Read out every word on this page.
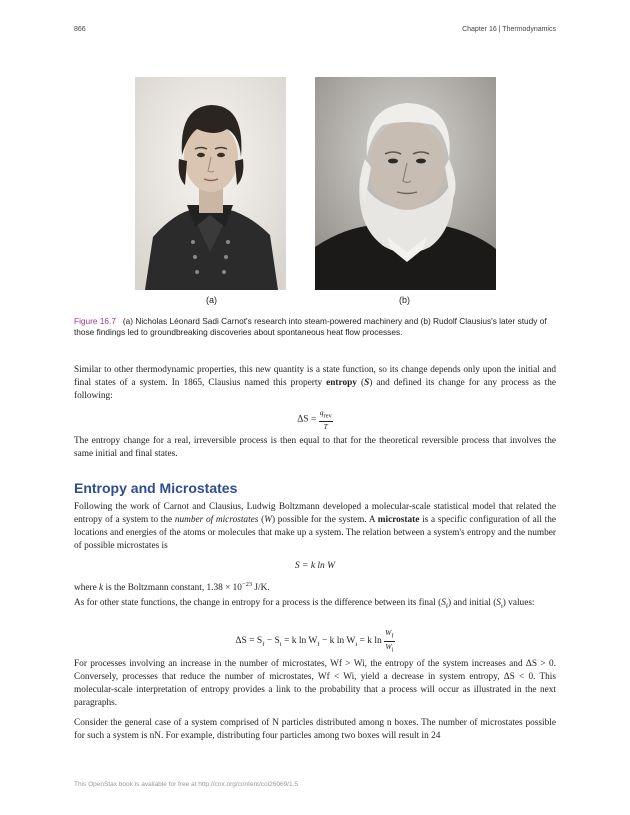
866	Chapter 16 | Thermodynamics
(a)	(b)
Figure 16.7 (a) Nicholas Léonard Sadi Carnot's research into steam-powered machinery and (b) Rudolf Clausius's later study of those findings led to groundbreaking discoveries about spontaneous heat flow processes.
Similar to other thermodynamic properties, this new quantity is a state function, so its change depends only upon the initial and final states of a system. In 1865, Clausius named this property entropy (S) and defined its change for any process as the following:
$\Delta S = \frac{q_{rev}}{T}$
The entropy change for a real, irreversible process is then equal to that for the theoretical reversible process that involves the same initial and final states.
Entropy and Microstates
Following the work of Carnot and Clausius, Ludwig Boltzmann developed a molecular-scale statistical model that related the entropy of a system to the number of microstates (W) possible for the system. A microstate is a specific configuration of all the locations and energies of the atoms or molecules that make up a system. The relation between a system's entropy and the number of possible microstates is
S = k ln W
where k is the Boltzmann constant, $1.38 \times 10^{-23}$ J/K.
As for other state functions, the change in entropy for a process is the difference between its final $(S_f)$ and initial $(S_i)$ values:
$\Delta S = S_f - S_i = k$ $\ln W_f - k$ $\ln W_i = k$ $\ln \frac{W_f}{W_i}$
For processes involving an increase in the number of microstates, Wf > Wi, the entropy of the system increases and ΔS > 0. Conversely, processes that reduce the number of microstates, Wf < Wi, yield a decrease in system entropy, ΔS < 0. This molecular-scale interpretation of entropy provides a link to the probability that a process will occur as illustrated in the next paragraphs.
Consider the general case of a system comprised of N particles distributed among n boxes. The number of microstates possible for such a system is nN. For example, distributing four particles among two boxes will result in 24
This OpenStax book is available for free at http://cnx.org/content/col26069/1.5
